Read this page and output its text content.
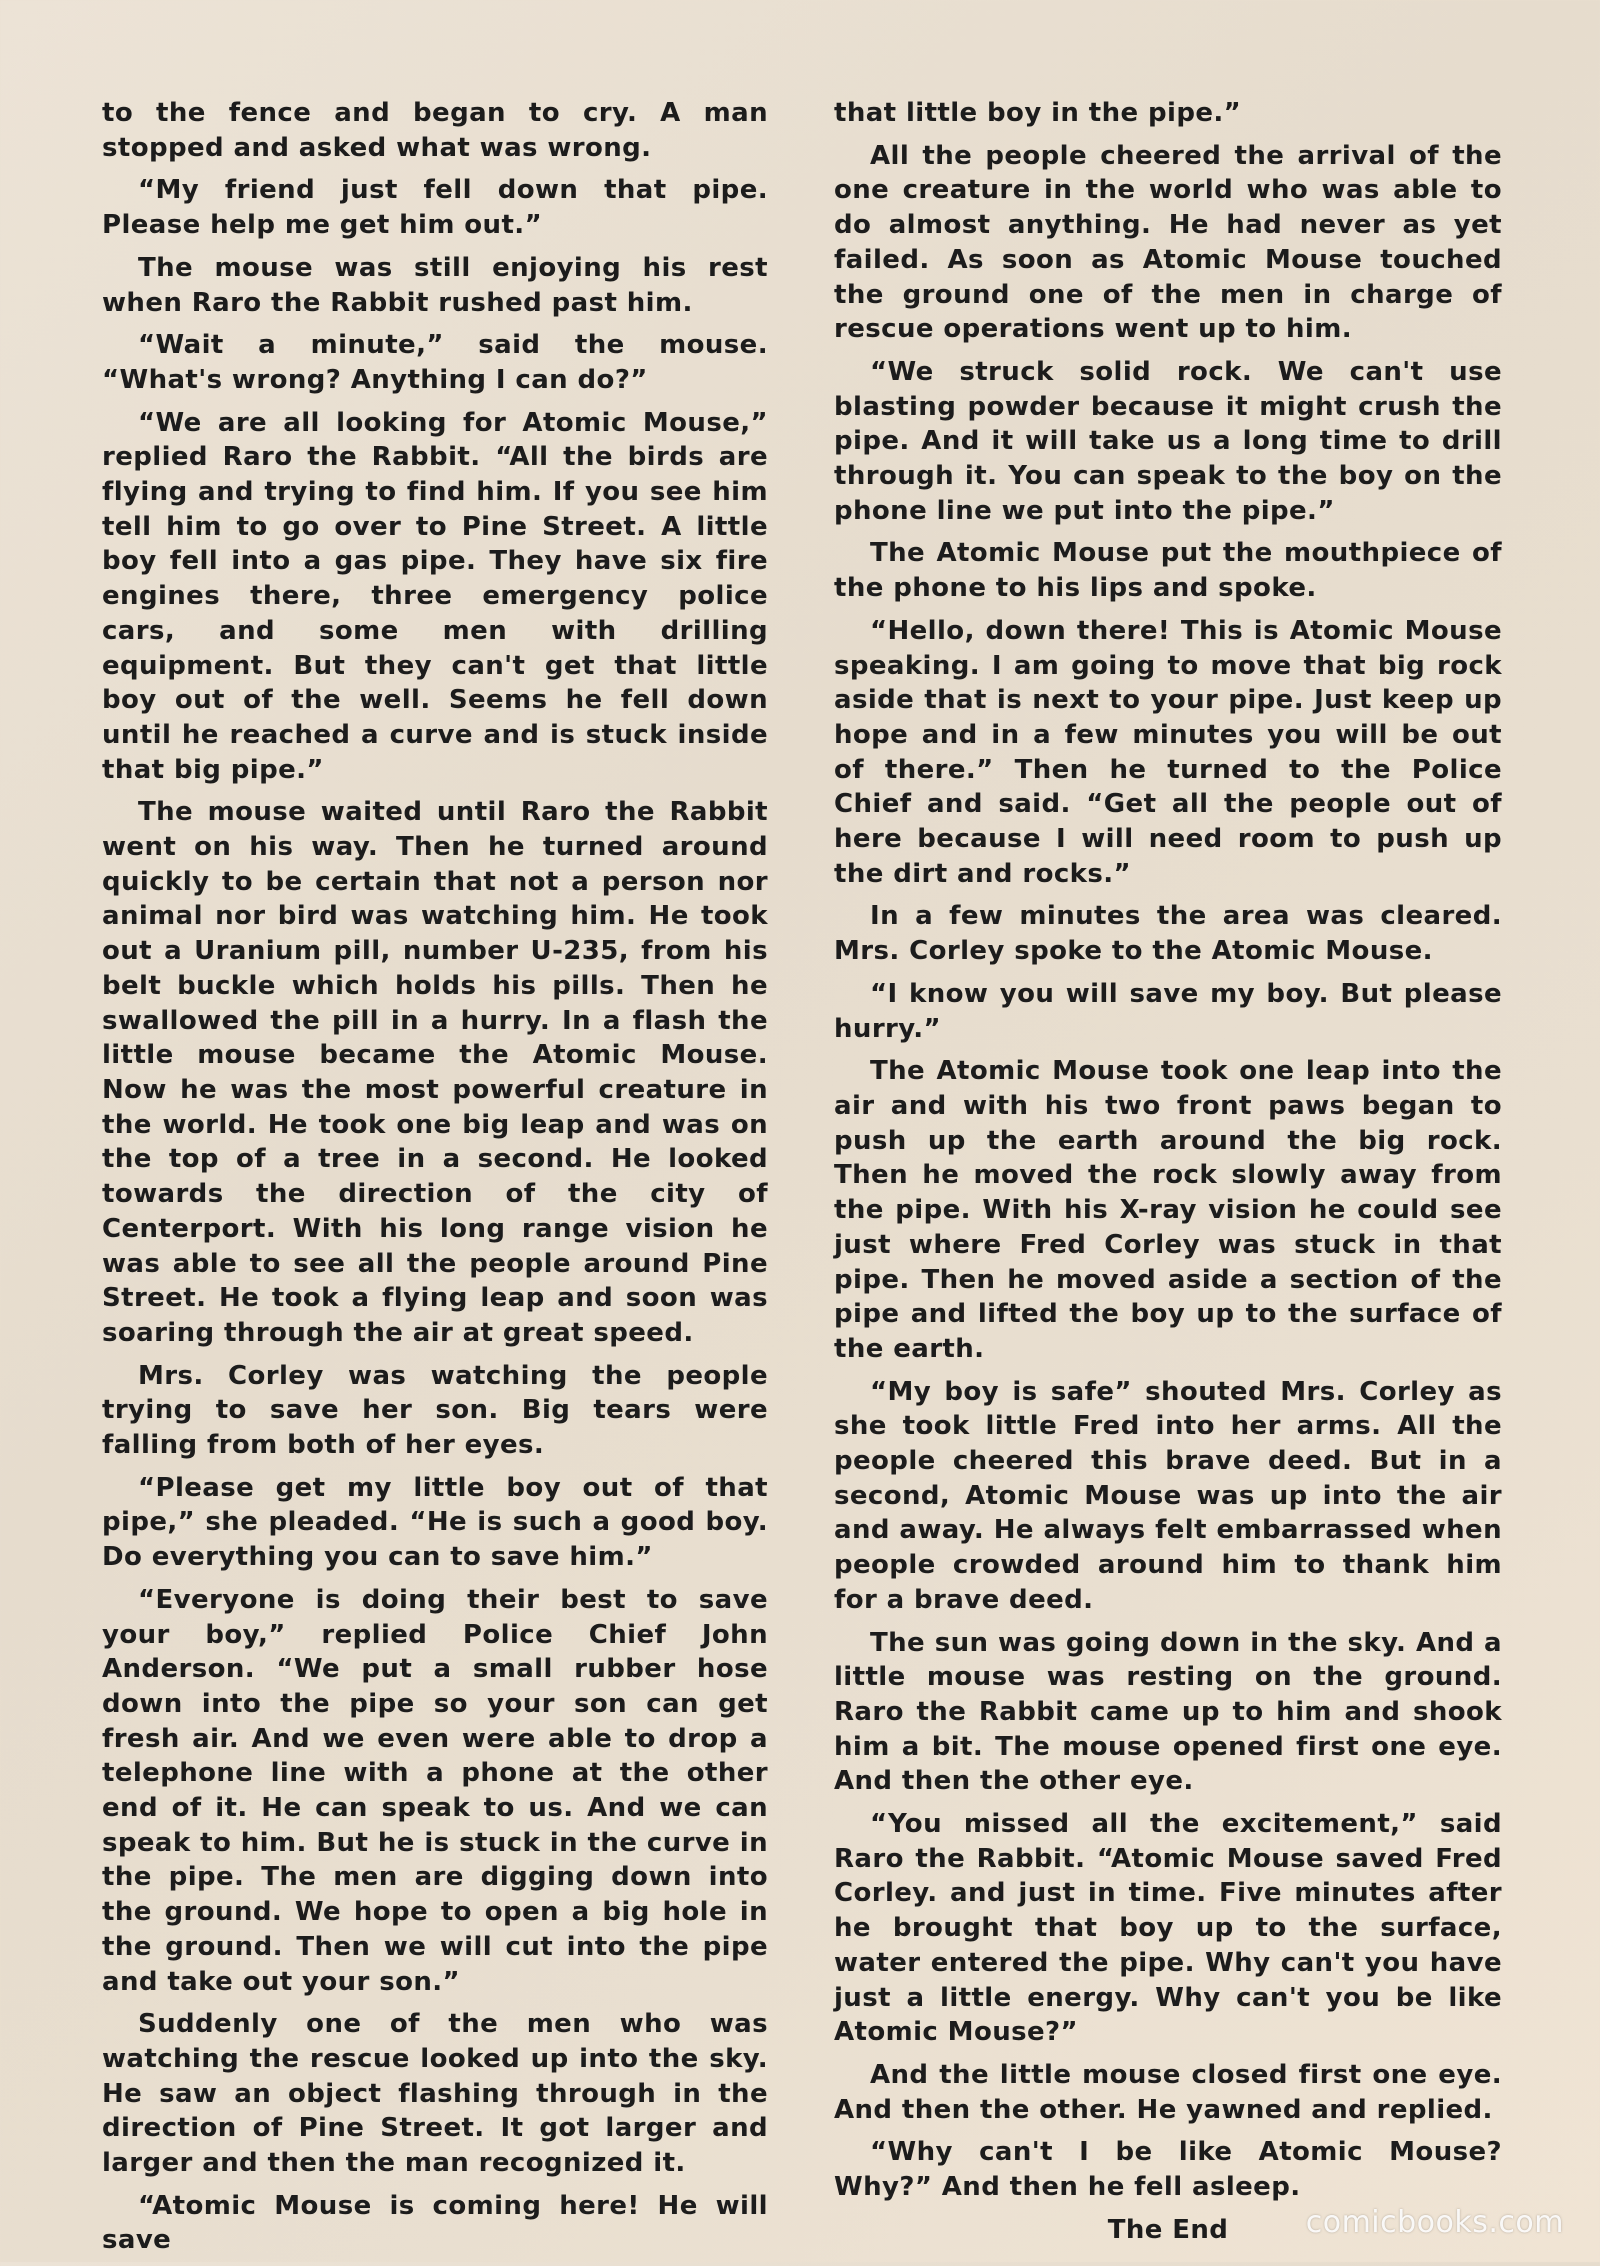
to the fence and began to cry. A man stopped and asked what was wrong.

“My friend just fell down that pipe. Please help me get him out.”

The mouse was still enjoying his rest when Raro the Rabbit rushed past him.

“Wait a minute,” said the mouse. “What's wrong? Anything I can do?”

“We are all looking for Atomic Mouse,” replied Raro the Rabbit. “All the birds are flying and trying to find him. If you see him tell him to go over to Pine Street. A little boy fell into a gas pipe. They have six fire engines there, three emergency police cars, and some men with drilling equipment. But they can't get that little boy out of the well. Seems he fell down until he reached a curve and is stuck inside that big pipe.”

The mouse waited until Raro the Rabbit went on his way. Then he turned around quickly to be certain that not a person nor animal nor bird was watching him. He took out a Uranium pill, number U-235, from his belt buckle which holds his pills. Then he swallowed the pill in a hurry. In a flash the little mouse became the Atomic Mouse. Now he was the most powerful creature in the world. He took one big leap and was on the top of a tree in a second. He looked towards the direction of the city of Centerport. With his long range vision he was able to see all the people around Pine Street. He took a flying leap and soon was soaring through the air at great speed.

Mrs. Corley was watching the people trying to save her son. Big tears were falling from both of her eyes.

“Please get my little boy out of that pipe,” she pleaded. “He is such a good boy. Do everything you can to save him.”

“Everyone is doing their best to save your boy,” replied Police Chief John Anderson. “We put a small rubber hose down into the pipe so your son can get fresh air. And we even were able to drop a telephone line with a phone at the other end of it. He can speak to us. And we can speak to him. But he is stuck in the curve in the pipe. The men are digging down into the ground. We hope to open a big hole in the ground. Then we will cut into the pipe and take out your son.”

Suddenly one of the men who was watching the rescue looked up into the sky. He saw an object flashing through in the direction of Pine Street. It got larger and larger and then the man recognized it.

“Atomic Mouse is coming here! He will save

that little boy in the pipe.”

All the people cheered the arrival of the one creature in the world who was able to do almost anything. He had never as yet failed. As soon as Atomic Mouse touched the ground one of the men in charge of rescue operations went up to him.

“We struck solid rock. We can't use blasting powder because it might crush the pipe. And it will take us a long time to drill through it. You can speak to the boy on the phone line we put into the pipe.”

The Atomic Mouse put the mouthpiece of the phone to his lips and spoke.

“Hello, down there! This is Atomic Mouse speaking. I am going to move that big rock aside that is next to your pipe. Just keep up hope and in a few minutes you will be out of there.” Then he turned to the Police Chief and said. “Get all the people out of here because I will need room to push up the dirt and rocks.”

In a few minutes the area was cleared. Mrs. Corley spoke to the Atomic Mouse.

“I know you will save my boy. But please hurry.”

The Atomic Mouse took one leap into the air and with his two front paws began to push up the earth around the big rock. Then he moved the rock slowly away from the pipe. With his X-ray vision he could see just where Fred Corley was stuck in that pipe. Then he moved aside a section of the pipe and lifted the boy up to the surface of the earth.

“My boy is safe” shouted Mrs. Corley as she took little Fred into her arms. All the people cheered this brave deed. But in a second, Atomic Mouse was up into the air and away. He always felt embarrassed when people crowded around him to thank him for a brave deed.

The sun was going down in the sky. And a little mouse was resting on the ground. Raro the Rabbit came up to him and shook him a bit. The mouse opened first one eye. And then the other eye.

“You missed all the excitement,” said Raro the Rabbit. “Atomic Mouse saved Fred Corley. and just in time. Five minutes after he brought that boy up to the surface, water entered the pipe. Why can't you have just a little energy. Why can't you be like Atomic Mouse?”

And the little mouse closed first one eye. And then the other. He yawned and replied.

“Why can't I be like Atomic Mouse? Why?” And then he fell asleep.

The End	comicbooks.com
